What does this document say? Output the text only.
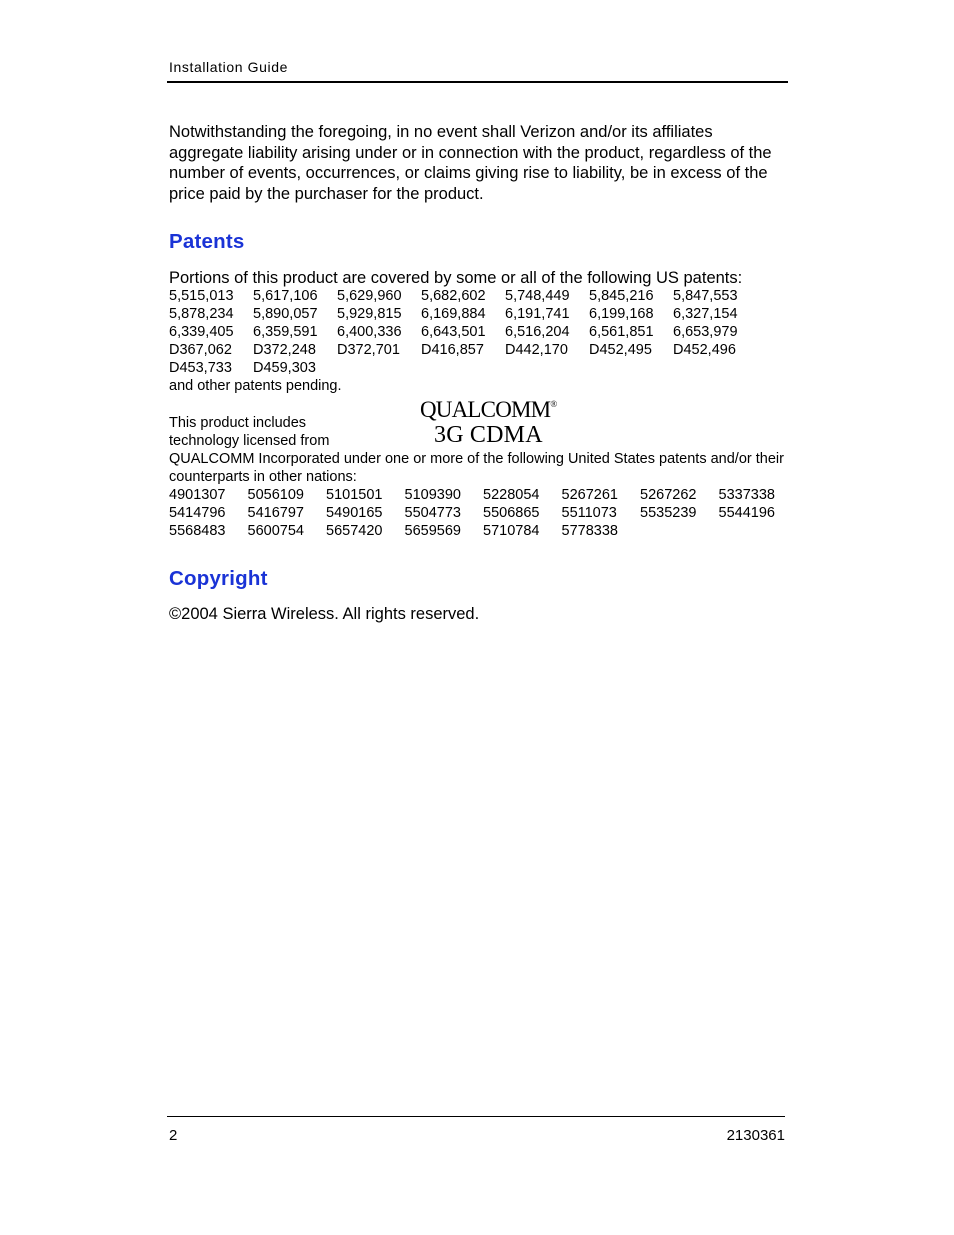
Installation Guide
Notwithstanding the foregoing, in no event shall Verizon and/or its affiliates aggregate liability arising under or in connection with the product, regardless of the number of events, occurrences, or claims giving rise to liability, be in excess of the price paid by the purchaser for the product.
Patents
Portions of this product are covered by some or all of the following US patents:
5,515,013 5,617,106 5,629,960 5,682,602 5,748,449 5,845,216 5,847,553
5,878,234 5,890,057 5,929,815 6,169,884 6,191,741 6,199,168 6,327,154
6,339,405 6,359,591 6,400,336 6,643,501 6,516,204 6,561,851 6,653,979
D367,062 D372,248 D372,701 D416,857 D442,170 D452,495 D452,496
D453,733 D459,303
and other patents pending.
This product includes
technology licensed from
QUALCOMM®
3G CDMA
QUALCOMM Incorporated under one or more of the following United States patents and/or their counterparts in other nations:
4901307 5056109 5101501 5109390 5228054 5267261 5267262 5337338
5414796 5416797 5490165 5504773 5506865 5511073 5535239 5544196
5568483 5600754 5657420 5659569 5710784 5778338
Copyright
©2004 Sierra Wireless. All rights reserved.
2	2130361
